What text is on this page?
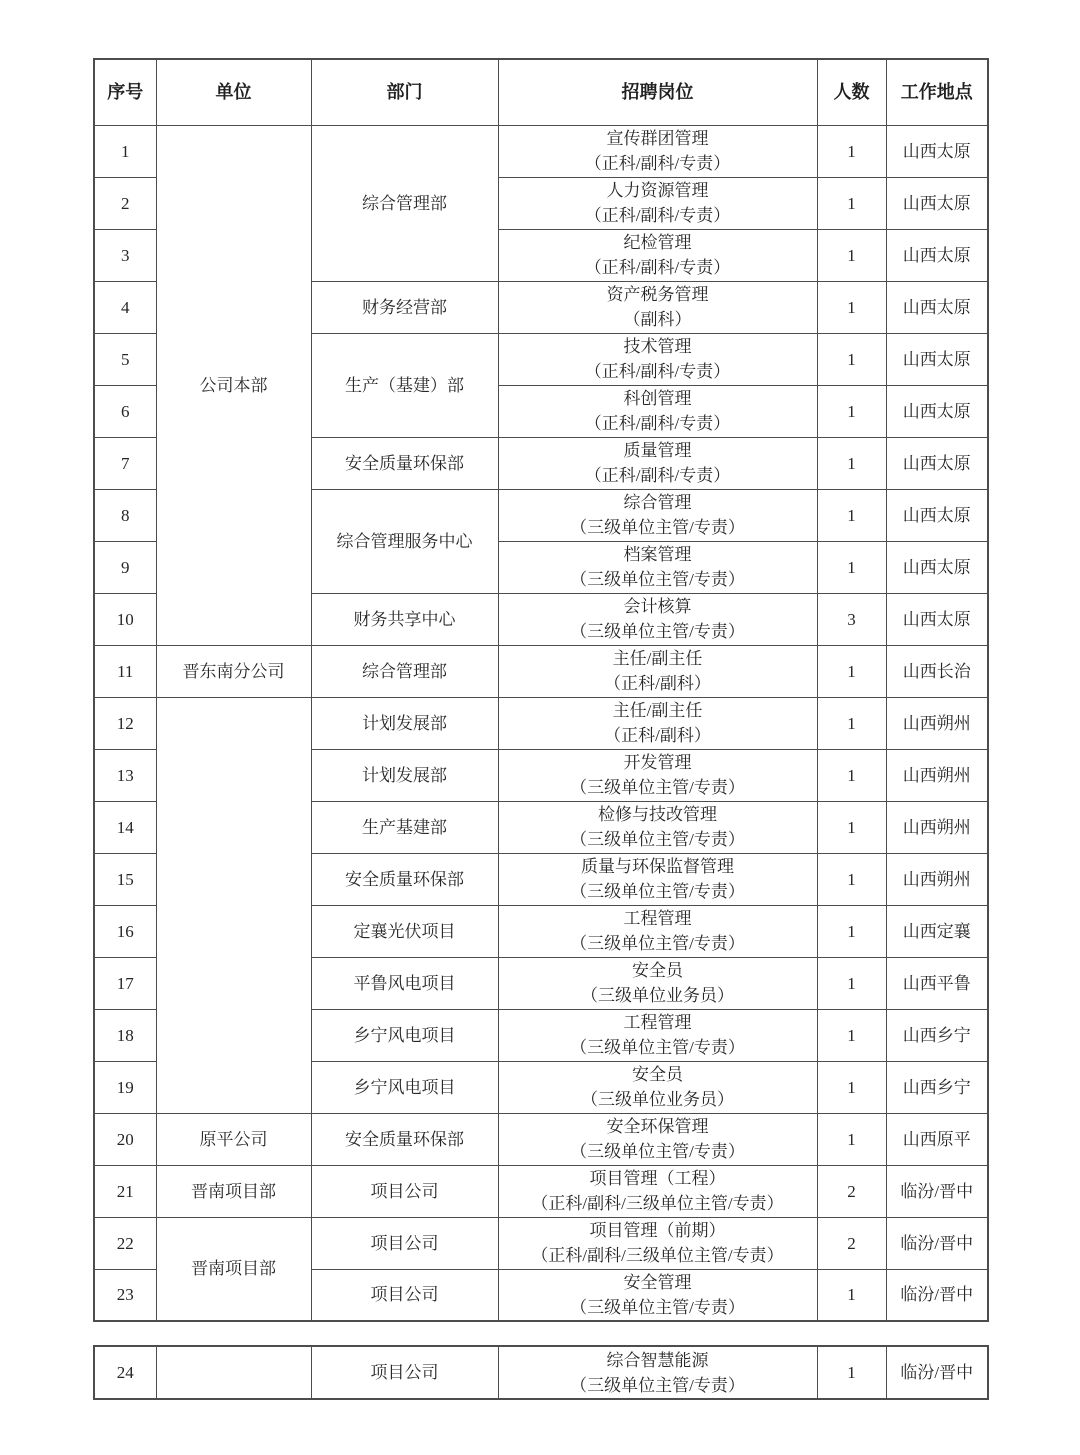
序号	单位	部门	招聘岗位	人数	工作地点
1	公司本部	综合管理部	宣传群团管理
（正科/副科/专责）	1	山西太原
2			人力资源管理
（正科/副科/专责）	1	山西太原
3			纪检管理
（正科/副科/专责）	1	山西太原
4		财务经营部	资产税务管理
（副科）	1	山西太原
5		生产（基建）部	技术管理
（正科/副科/专责）	1	山西太原
6			科创管理
（正科/副科/专责）	1	山西太原
7		安全质量环保部	质量管理
（正科/副科/专责）	1	山西太原
8		综合管理服务中心	综合管理
（三级单位主管/专责）	1	山西太原
9			档案管理
（三级单位主管/专责）	1	山西太原
10		财务共享中心	会计核算
（三级单位主管/专责）	3	山西太原
11	晋东南分公司	综合管理部	主任/副主任
（正科/副科）	1	山西长治
12		计划发展部	主任/副主任
（正科/副科）	1	山西朔州
13		计划发展部	开发管理
（三级单位主管/专责）	1	山西朔州
14		生产基建部	检修与技改管理
（三级单位主管/专责）	1	山西朔州
15		安全质量环保部	质量与环保监督管理
（三级单位主管/专责）	1	山西朔州
16		定襄光伏项目	工程管理
（三级单位主管/专责）	1	山西定襄
17		平鲁风电项目	安全员
（三级单位业务员）	1	山西平鲁
18		乡宁风电项目	工程管理
（三级单位主管/专责）	1	山西乡宁
19		乡宁风电项目	安全员
（三级单位业务员）	1	山西乡宁
20	原平公司	安全质量环保部	安全环保管理
（三级单位主管/专责）	1	山西原平
21	晋南项目部	项目公司	项目管理（工程）
（正科/副科/三级单位主管/专责）	2	临汾/晋中
22	晋南项目部	项目公司	项目管理（前期）
（正科/副科/三级单位主管/专责）	2	临汾/晋中
23		项目公司	安全管理
（三级单位主管/专责）	1	临汾/晋中
24		项目公司	
综合智慧能源
（三级单位主管/专责）
	1	临汾/晋中
